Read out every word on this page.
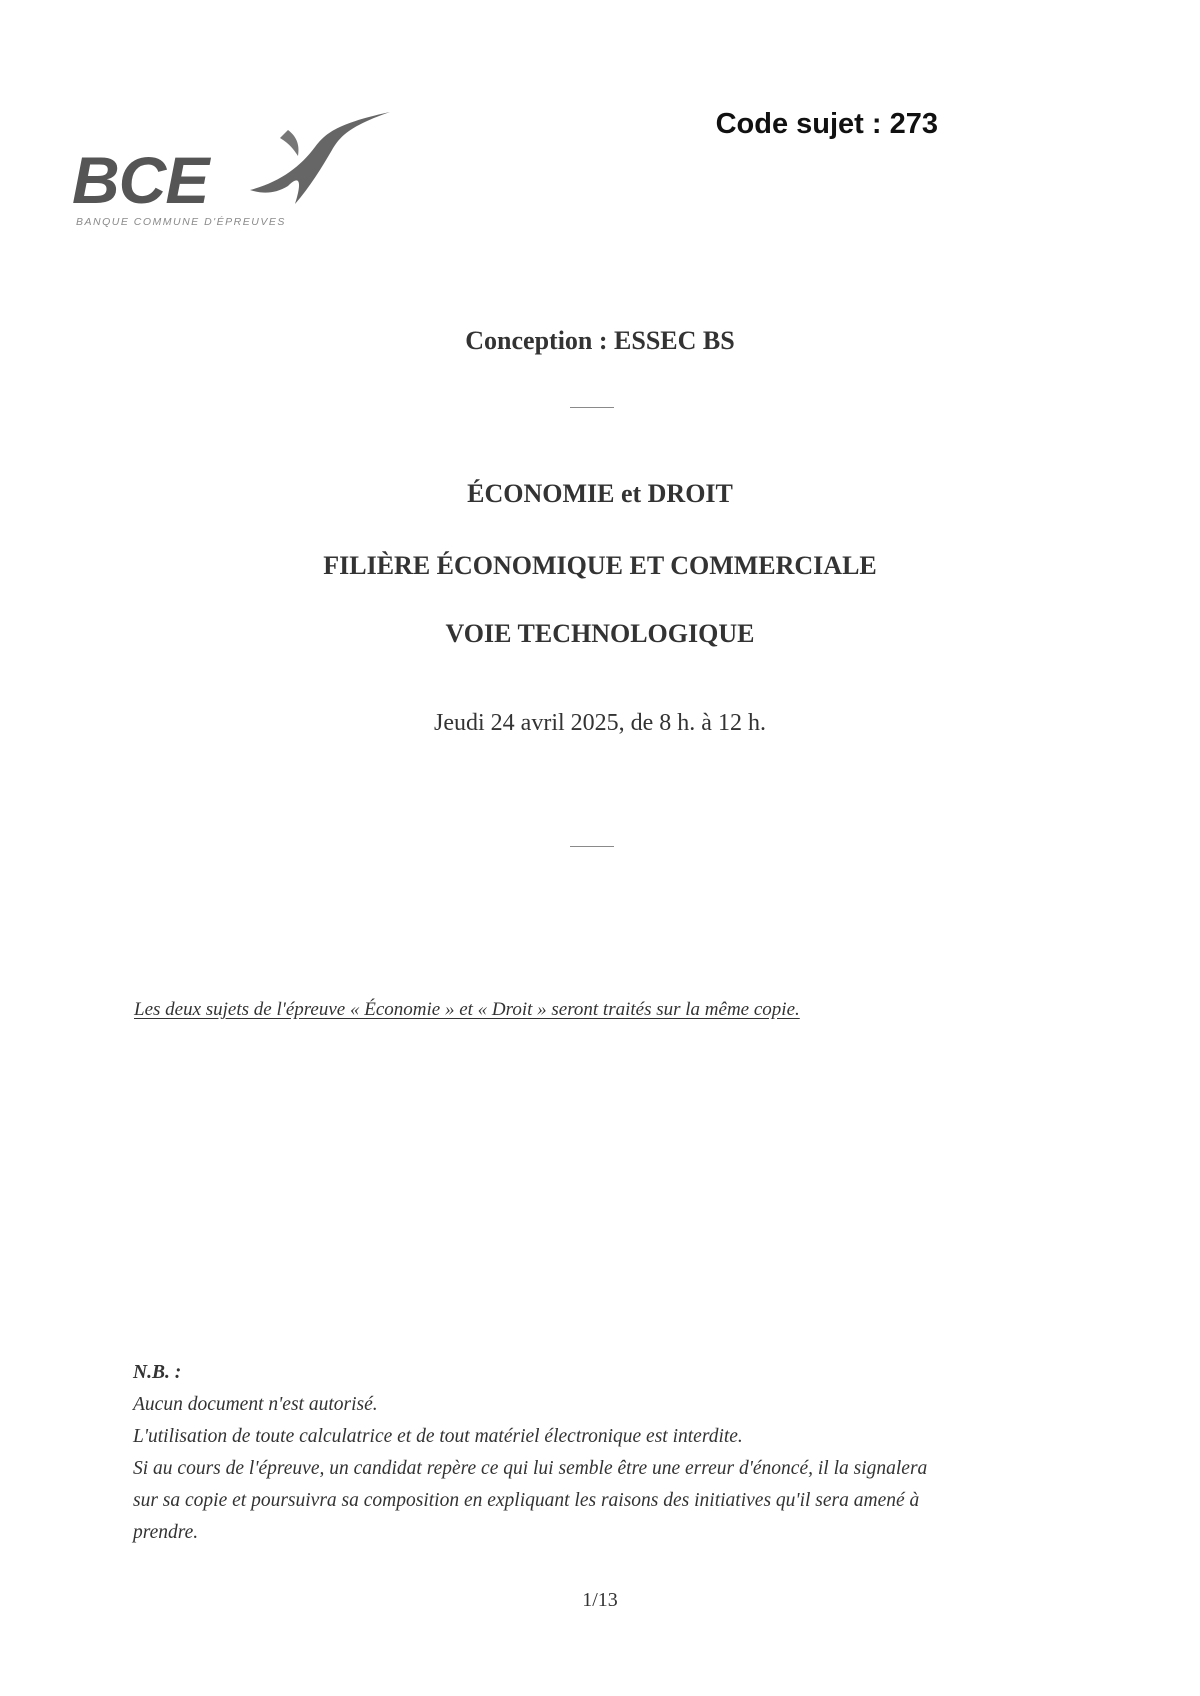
BCE
BANQUE COMMUNE D'ÉPREUVES
Code sujet : 273
Conception : ESSEC BS
ÉCONOMIE et DROIT
FILIÈRE ÉCONOMIQUE ET COMMERCIALE
VOIE TECHNOLOGIQUE
Jeudi 24 avril 2025, de 8 h. à 12 h.
Les deux sujets de l'épreuve « Économie » et « Droit » seront traités sur la même copie.
N.B. :
Aucun document n'est autorisé.
L'utilisation de toute calculatrice et de tout matériel électronique est interdite.
Si au cours de l'épreuve, un candidat repère ce qui lui semble être une erreur d'énoncé, il la signalera
sur sa copie et poursuivra sa composition en expliquant les raisons des initiatives qu'il sera amené à
prendre.
1/13
